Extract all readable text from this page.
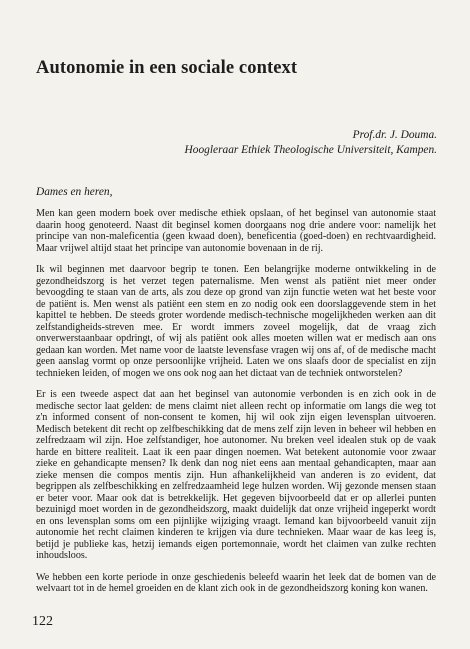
Autonomie in een sociale context
Prof.dr. J. Douma.
Hoogleraar Ethiek Theologische Universiteit, Kampen.
Dames en heren,

Men kan geen modern boek over medische ethiek opslaan, of het beginsel van autonomie staat daarin hoog genoteerd. Naast dit beginsel komen doorgaans nog drie andere voor: namelijk het principe van non-maleficentia (geen kwaad doen), beneficentia (goed-doen) en rechtvaardigheid. Maar vrijwel altijd staat het principe van autonomie bovenaan in de rij.

Ik wil beginnen met daarvoor begrip te tonen. Een belangrijke moderne ontwikkeling in de gezondheidszorg is het verzet tegen paternalisme. Men wenst als patiënt niet meer onder bevoogding te staan van de arts, als zou deze op grond van zijn functie weten wat het beste voor de patiënt is. Men wenst als patiënt een stem en zo nodig ook een doorslaggevende stem in het kapittel te hebben. De steeds groter wordende medisch-technische mogelijkheden werken aan dit zelfstandigheids-streven mee. Er wordt immers zoveel mogelijk, dat de vraag zich onverwerstaanbaar opdringt, of wij als patiënt ook alles moeten willen wat er medisch aan ons gedaan kan worden. Met name voor de laatste levensfase vragen wij ons af, of de medische macht geen aanslag vormt op onze persoonlijke vrijheid. Laten we ons slaafs door de specialist en zijn technieken leiden, of mogen we ons ook nog aan het dictaat van de techniek ontworstelen?

Er is een tweede aspect dat aan het beginsel van autonomie verbonden is en zich ook in de medische sector laat gelden: de mens claimt niet alleen recht op informatie om langs die weg tot z'n informed consent of non-consent te komen, hij wil ook zijn eigen levensplan uitvoeren. Medisch betekent dit recht op zelfbeschikking dat de mens zelf zijn leven in beheer wil hebben en zelfredzaam wil zijn. Hoe zelfstandiger, hoe autonomer. Nu breken veel idealen stuk op de vaak harde en bittere realiteit. Laat ik een paar dingen noemen. Wat betekent autonomie voor zwaar zieke en gehandicapte mensen? Ik denk dan nog niet eens aan mentaal gehandicapten, maar aan zieke mensen die compos mentis zijn. Hun afhankelijkheid van anderen is zo evident, dat begrippen als zelfbeschikking en zelfredzaamheid lege hulzen worden. Wij gezonde mensen staan er beter voor. Maar ook dat is betrekkelijk. Het gegeven bijvoorbeeld dat er op allerlei punten bezuinigd moet worden in de gezondheidszorg, maakt duidelijk dat onze vrijheid ingeperkt wordt en ons levensplan soms om een pijnlijke wijziging vraagt. Iemand kan bijvoorbeeld vanuit zijn autonomie het recht claimen kinderen te krijgen via dure technieken. Maar waar de kas leeg is, betijd je publieke kas, hetzij iemands eigen portemonnaie, wordt het claimen van zulke rechten inhoudsloos.

We hebben een korte periode in onze geschiedenis beleefd waarin het leek dat de bomen van de welvaart tot in de hemel groeiden en de klant zich ook in de gezondheidszorg koning kon wanen.

122
